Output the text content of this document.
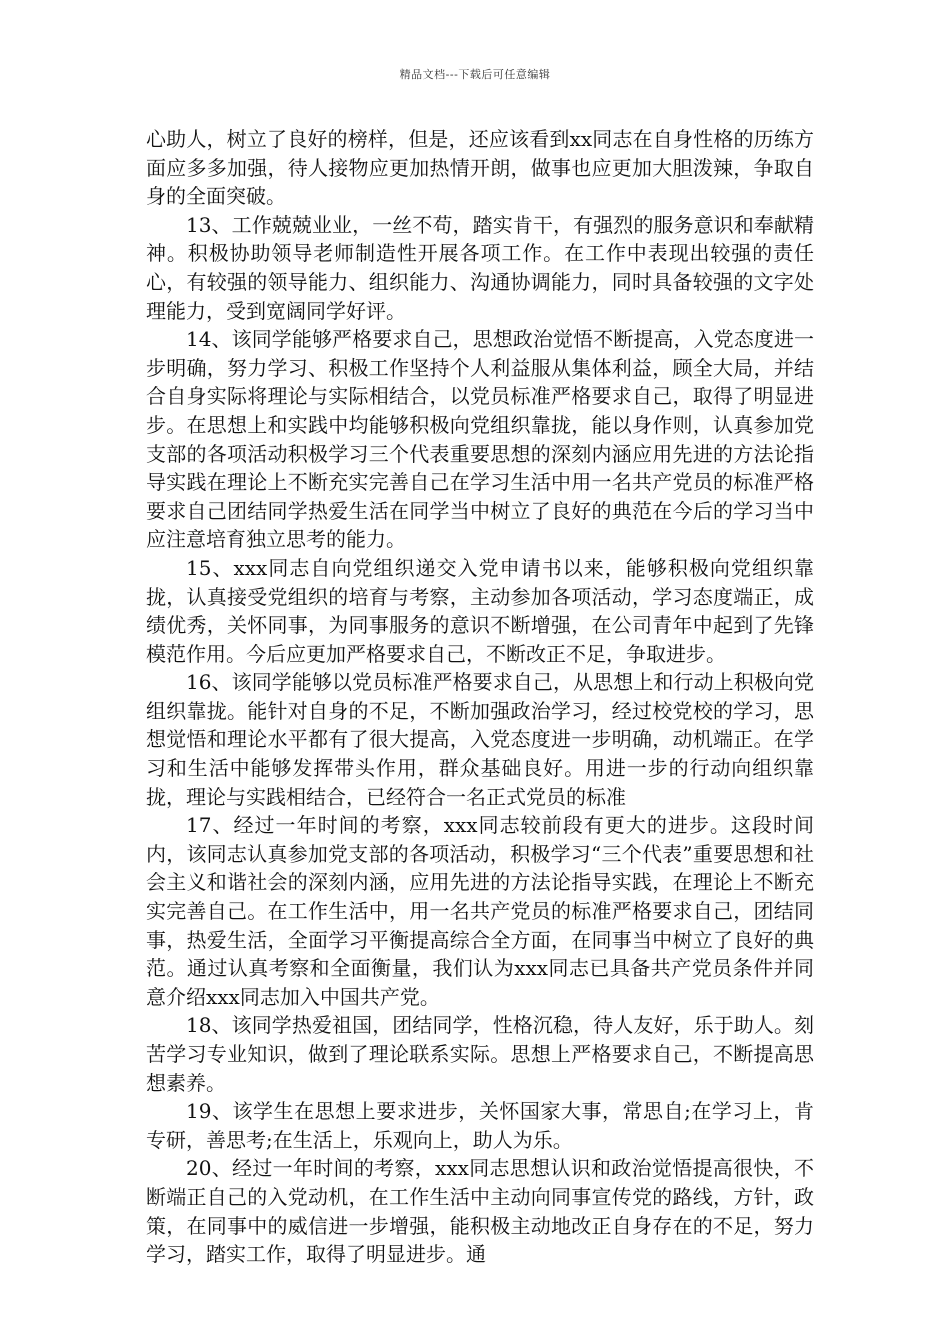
精品文档---下载后可任意编辑

心助人，树立了良好的榜样，但是，还应该看到xx同志在自身性格的历练方面应多多加强，待人接物应更加热情开朗，做事也应更加大胆泼辣，争取自身的全面突破。

13、工作兢兢业业，一丝不苟，踏实肯干，有强烈的服务意识和奉献精神。积极协助领导老师制造性开展各项工作。在工作中表现出较强的责任心，有较强的领导能力、组织能力、沟通协调能力，同时具备较强的文字处理能力，受到宽阔同学好评。

14、该同学能够严格要求自己，思想政治觉悟不断提高，入党态度进一步明确，努力学习、积极工作坚持个人利益服从集体利益，顾全大局，并结合自身实际将理论与实际相结合，以党员标准严格要求自己，取得了明显进步。在思想上和实践中均能够积极向党组织靠拢，能以身作则，认真参加党支部的各项活动积极学习三个代表重要思想的深刻内涵应用先进的方法论指导实践在理论上不断充实完善自己在学习生活中用一名共产党员的标准严格要求自己团结同学热爱生活在同学当中树立了良好的典范在今后的学习当中应注意培育独立思考的能力。

15、xxx同志自向党组织递交入党申请书以来，能够积极向党组织靠拢，认真接受党组织的培育与考察，主动参加各项活动，学习态度端正，成绩优秀，关怀同事，为同事服务的意识不断增强，在公司青年中起到了先锋模范作用。今后应更加严格要求自己，不断改正不足，争取进步。

16、该同学能够以党员标准严格要求自己，从思想上和行动上积极向党组织靠拢。能针对自身的不足，不断加强政治学习，经过校党校的学习，思想觉悟和理论水平都有了很大提高，入党态度进一步明确，动机端正。在学习和生活中能够发挥带头作用，群众基础良好。用进一步的行动向组织靠拢，理论与实践相结合，已经符合一名正式党员的标准

17、经过一年时间的考察，xxx同志较前段有更大的进步。这段时间内，该同志认真参加党支部的各项活动，积极学习“三个代表”重要思想和社会主义和谐社会的深刻内涵，应用先进的方法论指导实践，在理论上不断充实完善自己。在工作生活中，用一名共产党员的标准严格要求自己，团结同事，热爱生活，全面学习平衡提高综合全方面，在同事当中树立了良好的典范。通过认真考察和全面衡量，我们认为xxx同志已具备共产党员条件并同意介绍xxx同志加入中国共产党。

18、该同学热爱祖国，团结同学，性格沉稳，待人友好，乐于助人。刻苦学习专业知识，做到了理论联系实际。思想上严格要求自己，不断提高思想素养。

19、该学生在思想上要求进步，关怀国家大事，常思自;在学习上，肯专研，善思考;在生活上，乐观向上，助人为乐。

20、经过一年时间的考察，xxx同志思想认识和政治觉悟提高很快，不断端正自己的入党动机，在工作生活中主动向同事宣传党的路线，方针，政策，在同事中的威信进一步增强，能积极主动地改正自身存在的不足，努力学习，踏实工作，取得了明显进步。通
